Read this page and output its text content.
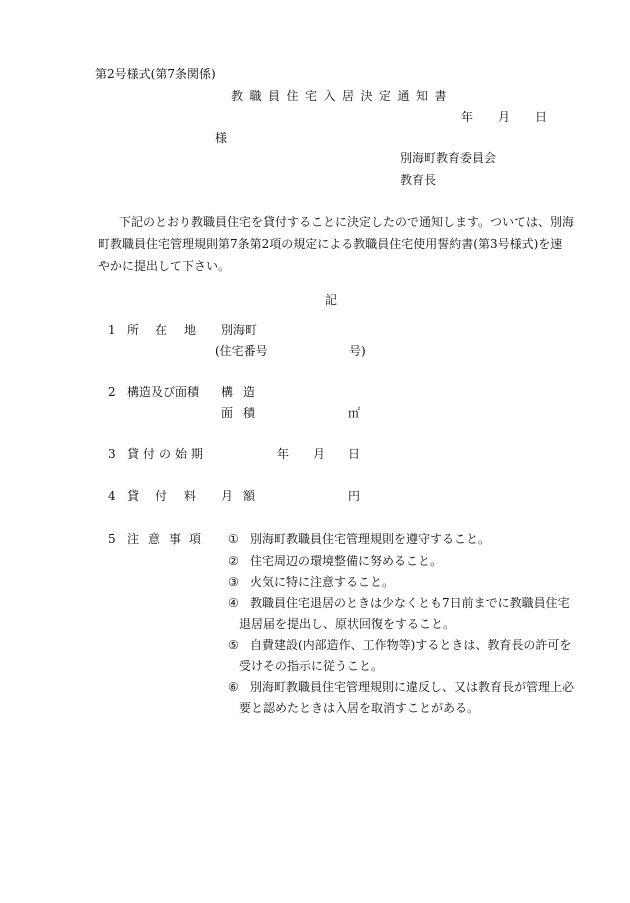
第2号様式(第7条関係)
教職員住宅入居決定通知書
年 月 日
様
別海町教育委員会
教育長
下記のとおり教職員住宅を貸付することに決定したので通知します。ついては、別海
町教職員住宅管理規則第7条第2項の規定による教職員住宅使用誓約書(第3号様式)を速
やかに提出して下さい。
記
1 所 在 地 別海町
(住宅番号	号)
2 構造及び面積 構 造
面 積	㎡
3 貸付の始期	年 月 日
4 貸 付 料 月 額	円
5 注 意 事 項 ① 別海町教職員住宅管理規則を遵守すること。
② 住宅周辺の環境整備に努めること。
③ 火気に特に注意すること。
④ 教職員住宅退居のときは少なくとも7日前までに教職員住宅
退居届を提出し、原状回復をすること。
⑤ 自費建設(内部造作、工作物等)するときは、教育長の許可を
受けその指示に従うこと。
⑥ 別海町教職員住宅管理規則に違反し、又は教育長が管理上必
要と認めたときは入居を取消すことがある。
